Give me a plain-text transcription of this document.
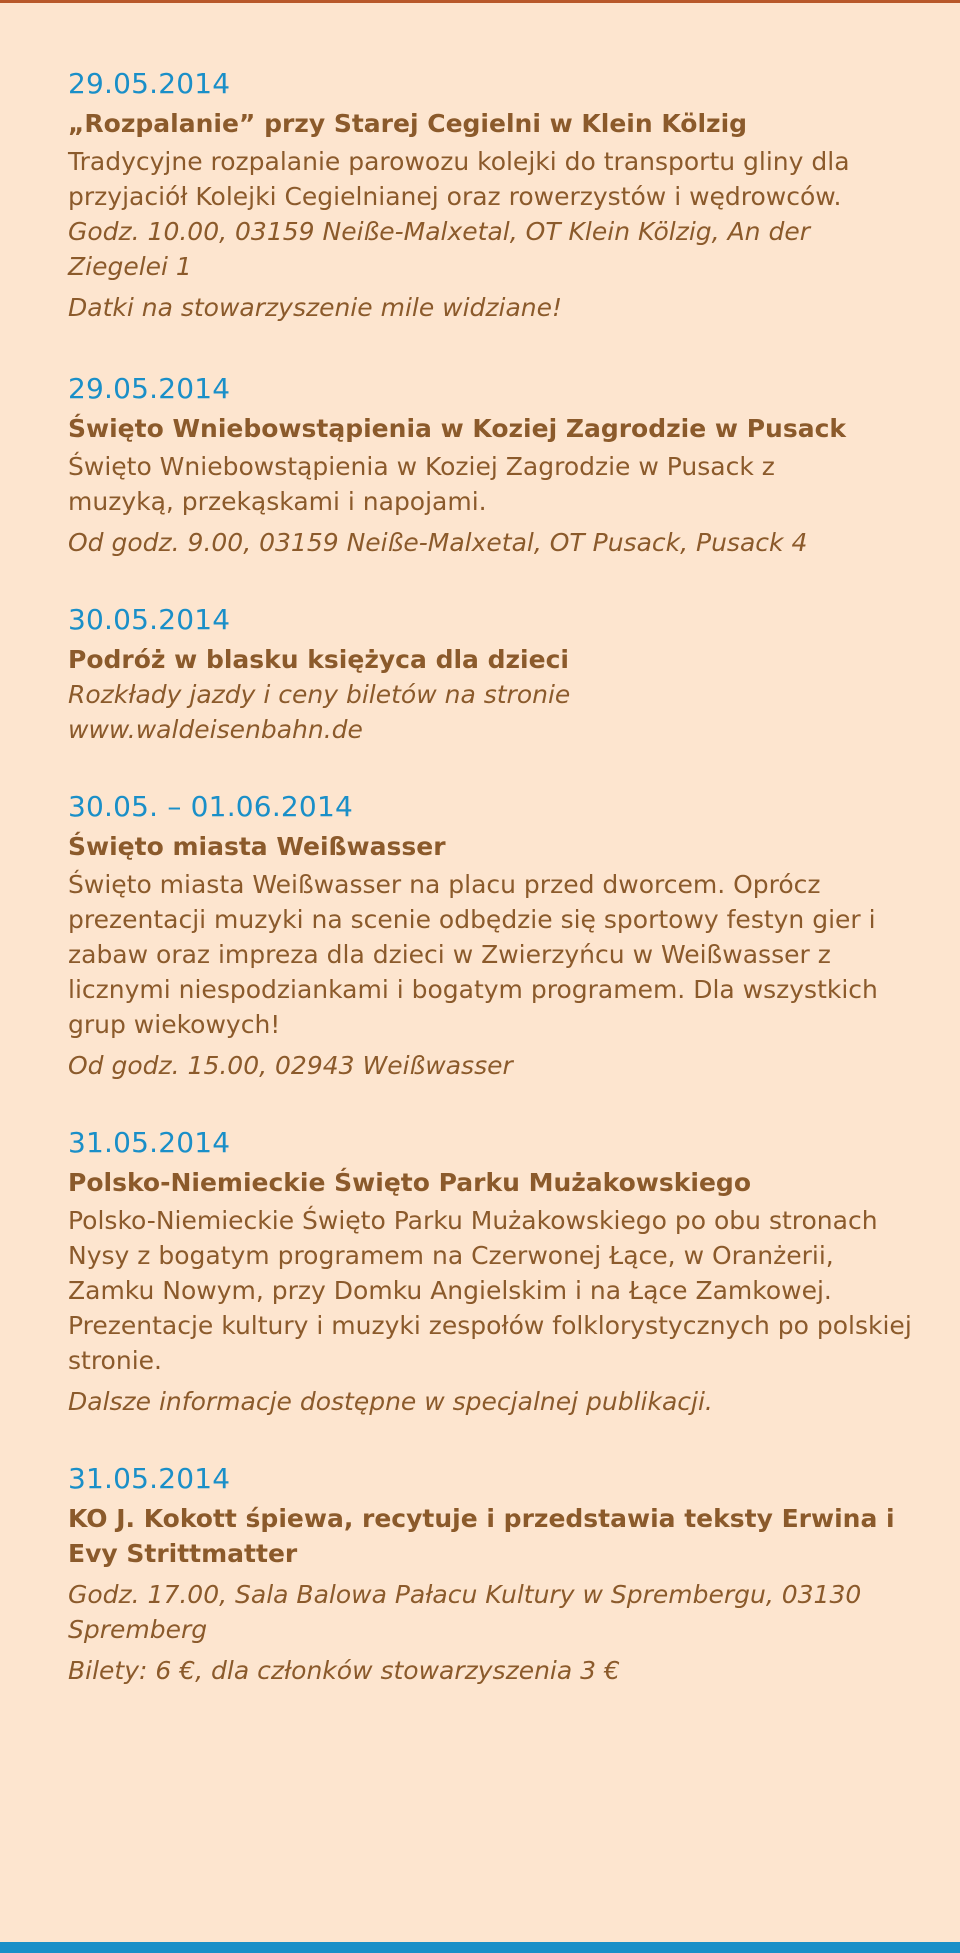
29.05.2014
„Rozpalanie” przy Starej Cegielni w Klein Kölzig
Tradycyjne rozpalanie parowozu kolejki do transportu gliny dla przyjaciół Kolejki Cegielnianej oraz rowerzystów i wędrowców.
Godz. 10.00, 03159 Neiße-Malxetal, OT Klein Kölzig, An der Ziegelei 1
Datki na stowarzyszenie mile widziane!
29.05.2014
Święto Wniebowstąpienia w Koziej Zagrodzie w Pusack
Święto Wniebowstąpienia w Koziej Zagrodzie w Pusack z muzyką, przekąskami i napojami.
Od godz. 9.00, 03159 Neiße-Malxetal, OT Pusack, Pusack 4
30.05.2014
Podróż w blasku księżyca dla dzieci
Rozkłady jazdy i ceny biletów na stronie www.waldeisenbahn.de
30.05. – 01.06.2014
Święto miasta Weißwasser
Święto miasta Weißwasser na placu przed dworcem. Oprócz prezentacji muzyki na scenie odbędzie się sportowy festyn gier i zabaw oraz impreza dla dzieci w Zwierzyńcu w Weißwasser z licznymi niespodziankami i bogatym programem. Dla wszystkich grup wiekowych!
Od godz. 15.00, 02943 Weißwasser
31.05.2014
Polsko-Niemieckie Święto Parku Mużakowskiego
Polsko-Niemieckie Święto Parku Mużakowskiego po obu stronach Nysy z bogatym programem na Czerwonej Łące, w Oranżerii, Zamku Nowym, przy Domku Angielskim i na Łące Zamkowej. Prezentacje kultury i muzyki zespołów folklorystycznych po polskiej stronie.
Dalsze informacje dostępne w specjalnej publikacji.
31.05.2014
KO J. Kokott śpiewa, recytuje i przedstawia teksty Erwina i Evy Strittmatter
Godz. 17.00, Sala Balowa Pałacu Kultury w Sprembergu, 03130 Spremberg
Bilety: 6 €, dla członków stowarzyszenia 3 €
